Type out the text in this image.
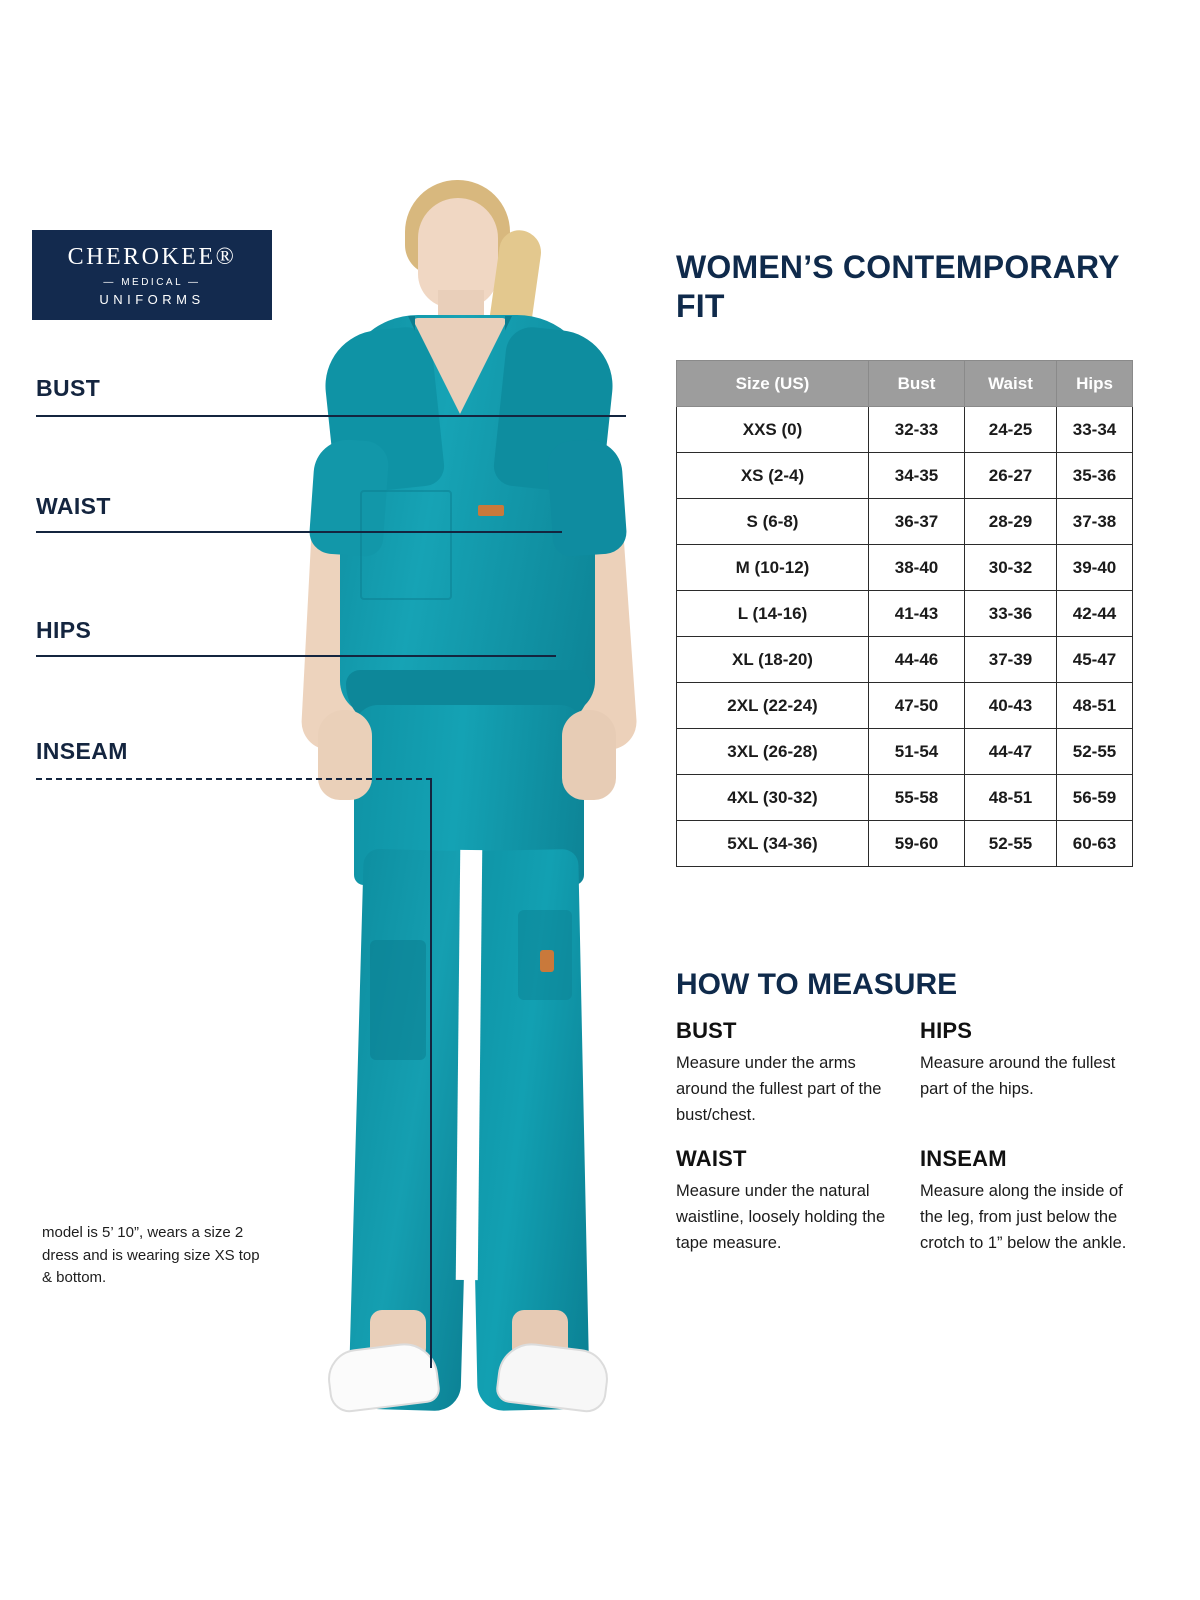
CHEROKEE®
— MEDICAL —
UNIFORMS
BUST
WAIST
HIPS
INSEAM
model is 5’ 10”, wears a size 2 dress and is wearing size XS top & bottom.
WOMEN’S CONTEMPORARY FIT
Size (US)	Bust	Waist	Hips
XXS (0)	32-33	24-25	33-34
XS (2-4)	34-35	26-27	35-36
S (6-8)	36-37	28-29	37-38
M (10-12)	38-40	30-32	39-40
L (14-16)	41-43	33-36	42-44
XL (18-20)	44-46	37-39	45-47
2XL (22-24)	47-50	40-43	48-51
3XL (26-28)	51-54	44-47	52-55
4XL (30-32)	55-58	48-51	56-59
5XL (34-36)	59-60	52-55	60-63
HOW TO MEASURE
BUST

Measure under the arms around the fullest part of the bust/chest.

HIPS

Measure around the fullest part of the hips.

WAIST

Measure under the natural waistline, loosely holding the tape measure.

INSEAM

Measure along the inside of the leg, from just below the crotch to 1” below the ankle.
